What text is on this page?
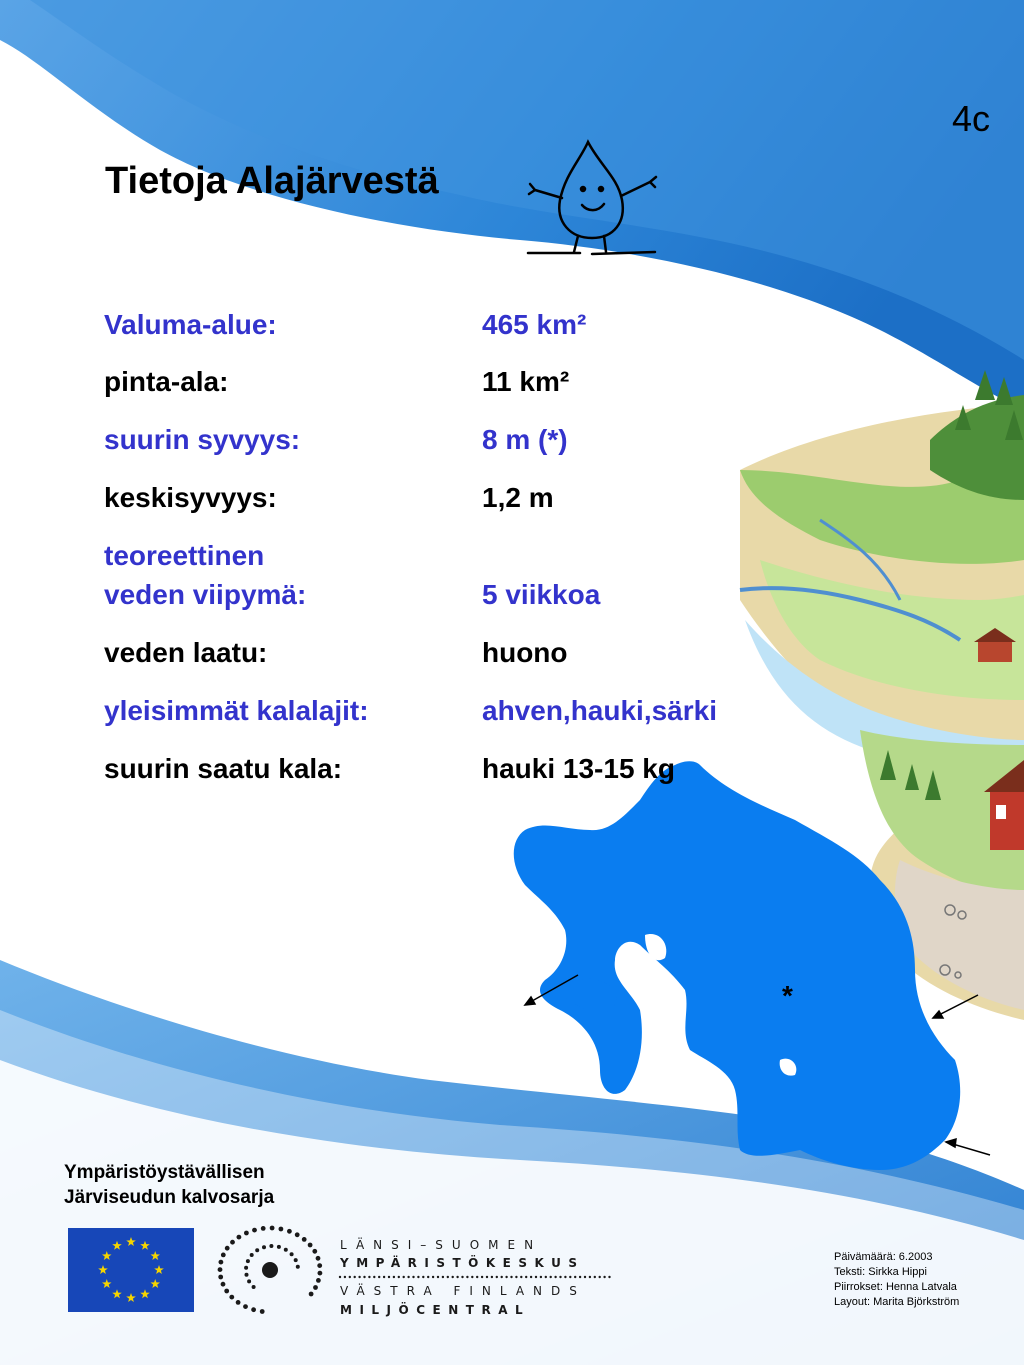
4c
Tietoja Alajärvestä
Valuma-alue:	465 km²
pinta-ala:	11 km²
suurin syvyys:	8 m (*)
keskisyvyys:	1,2 m
teoreettinen
veden viipymä:	5 viikkoa
veden laatu:	huono
yleisimmät kalalajit:	ahven,hauki,särki
suurin saatu kala:	hauki 13-15 kg
*
Ympäristöystävällisen
Järviseudun kalvosarja
LÄNSI–SUOMEN
YMPÄRISTÖKESKUS
VÄSTRA FINLANDS
MILJÖCENTRAL
Päivämäärä: 6.2003
Teksti: Sirkka Hippi
Piirrokset: Henna Latvala
Layout: Marita Björkström
